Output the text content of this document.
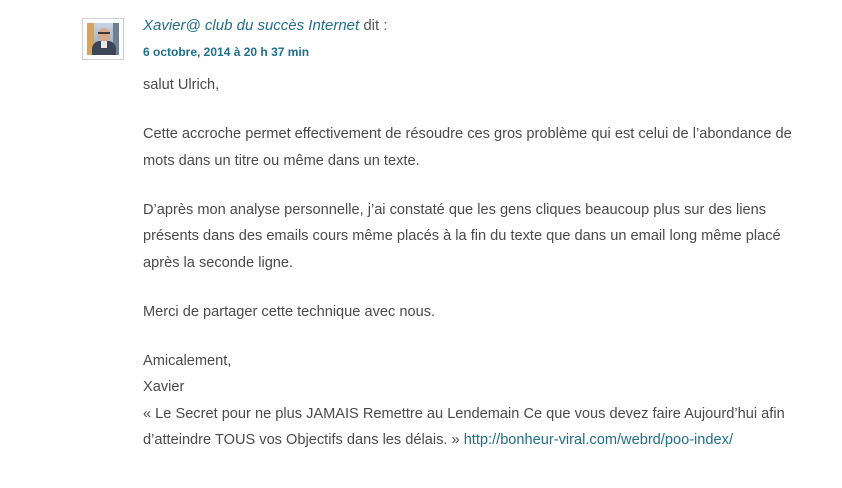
Xavier@ club du succès Internet dit :
6 octobre, 2014 à 20 h 37 min

salut Ulrich,

Cette accroche permet effectivement de résoudre ces gros problème qui est celui de l’abondance de mots dans un titre ou même dans un texte.

D’après mon analyse personnelle, j’ai constaté que les gens cliques beaucoup plus sur des liens présents dans des emails cours même placés à la fin du texte que dans un email long même placé après la seconde ligne.

Merci de partager cette technique avec nous.

Amicalement,
Xavier
« Le Secret pour ne plus JAMAIS Remettre au Lendemain Ce que vous devez faire Aujourd’hui afin d’atteindre TOUS vos Objectifs dans les délais. » http://bonheur-viral.com/webrd/poo-index/
